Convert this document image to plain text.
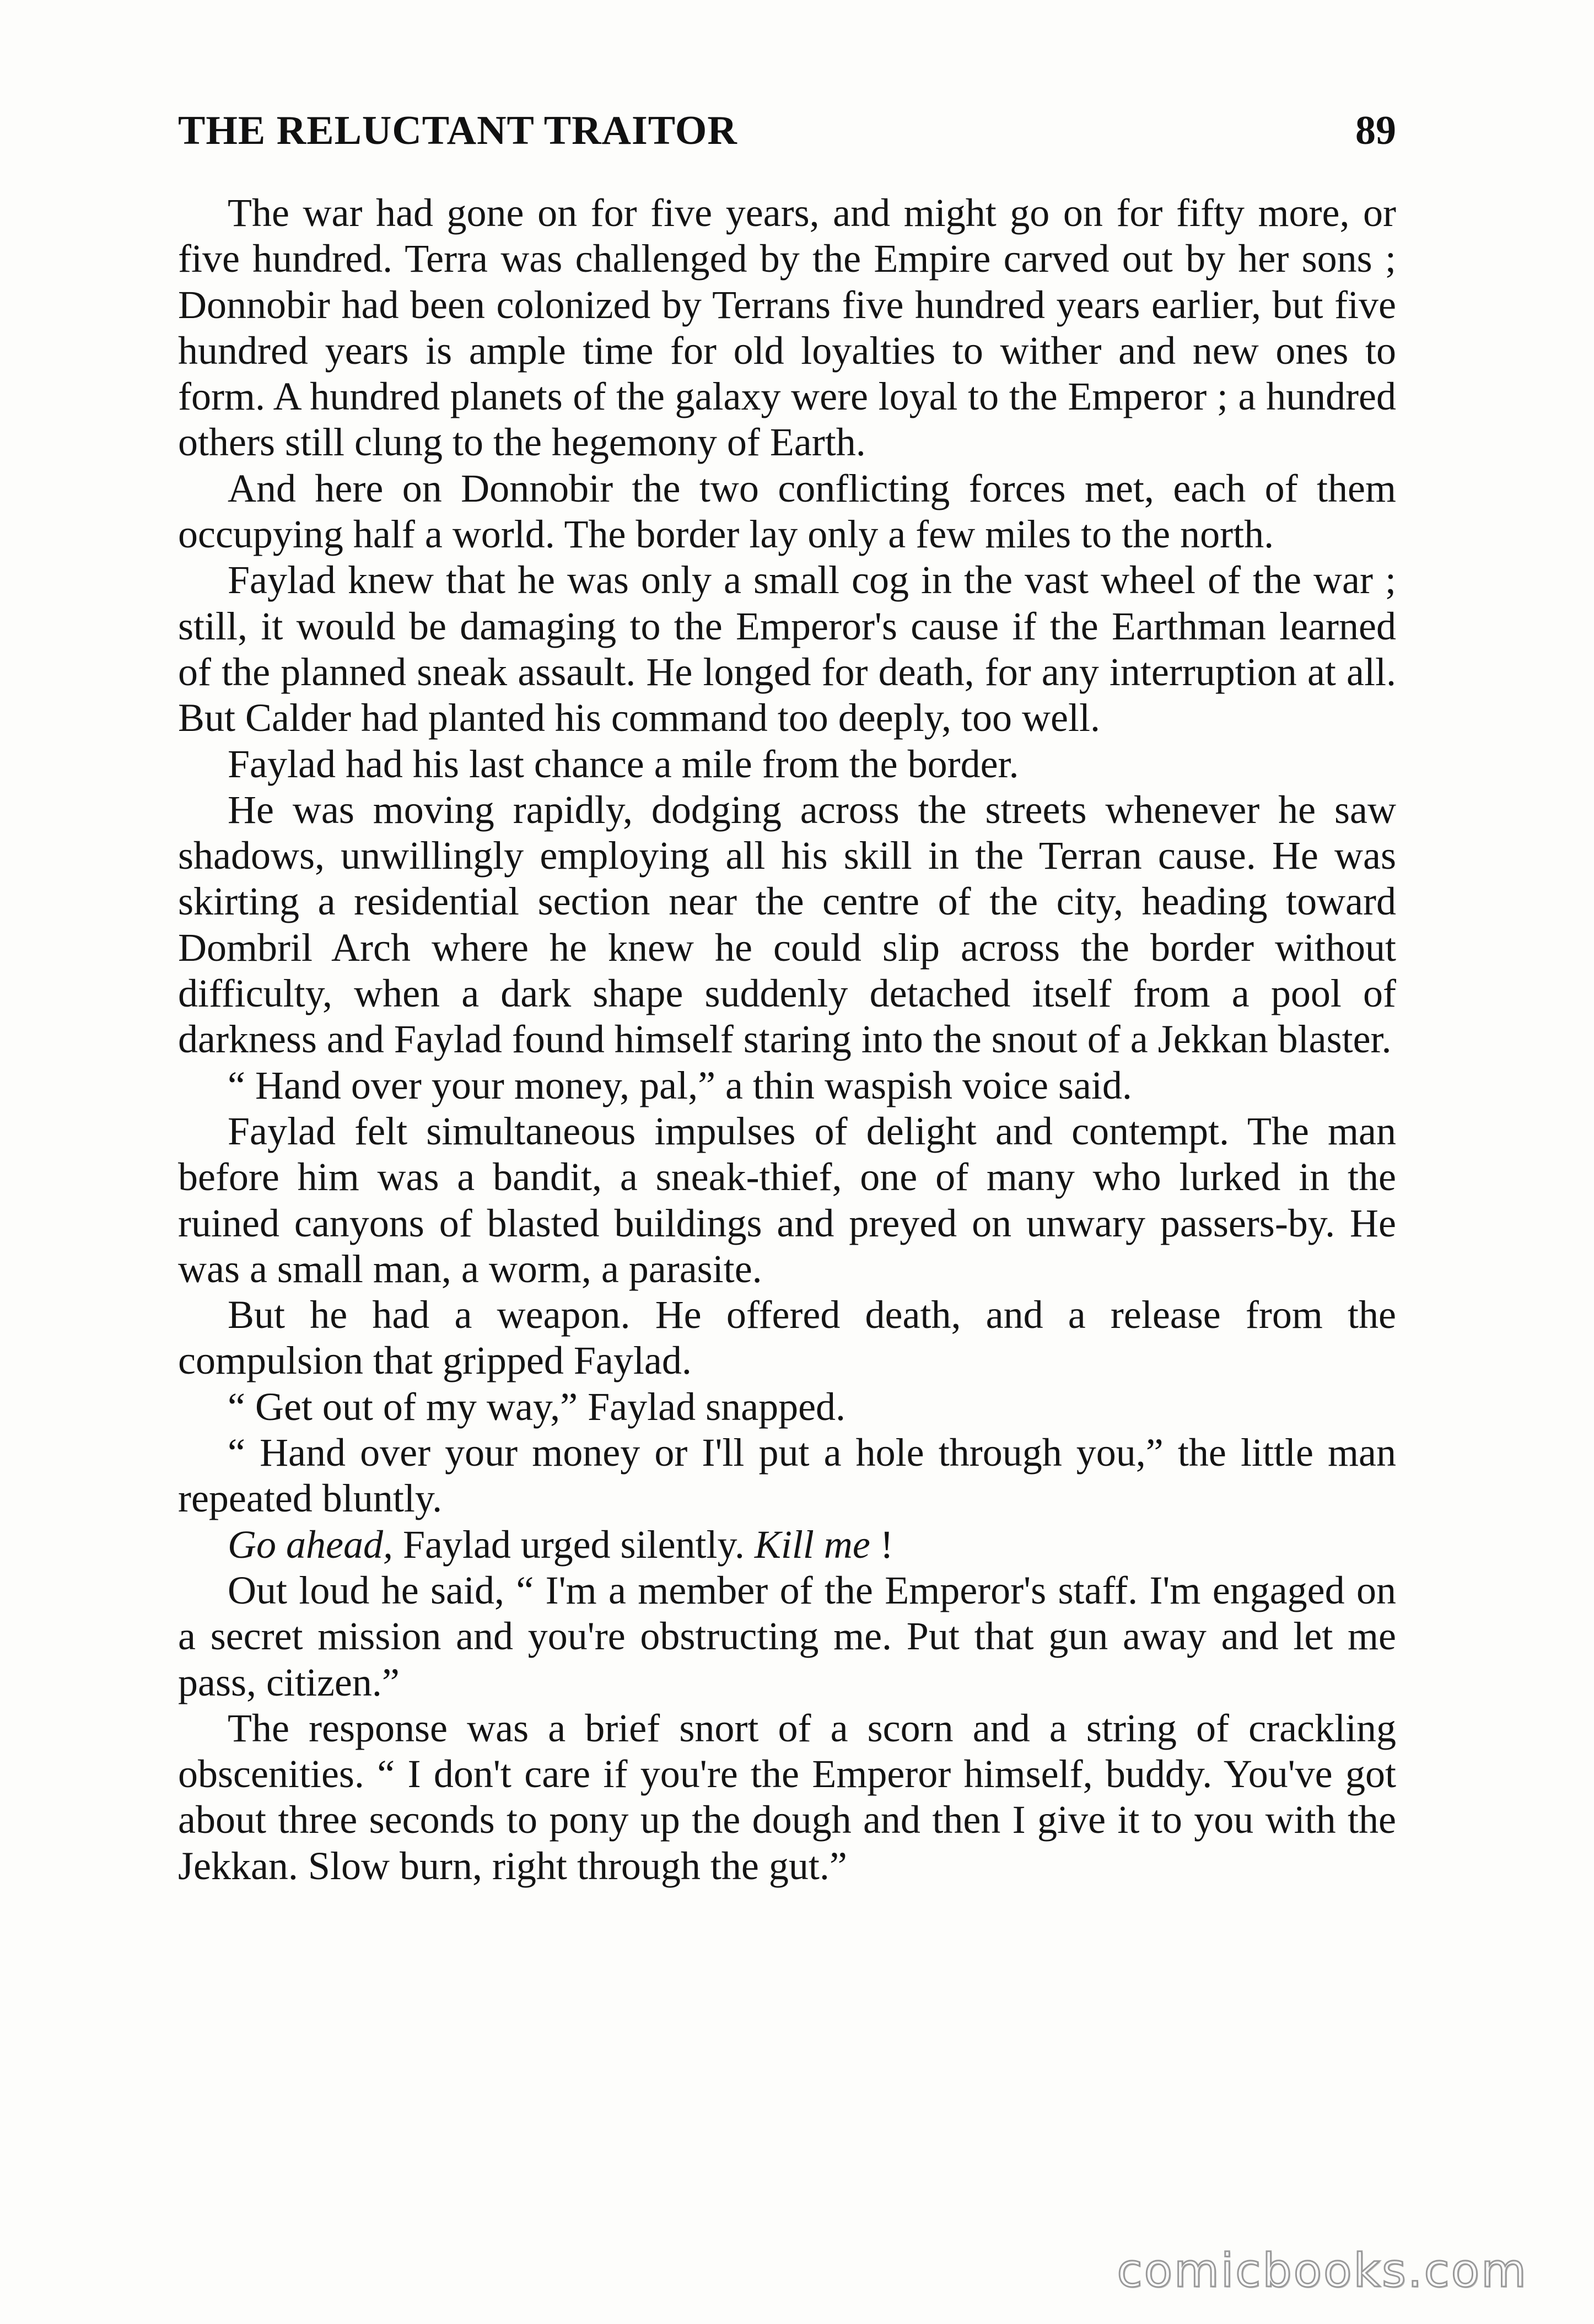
THE RELUCTANT TRAITOR	89

The war had gone on for five years, and might go on for fifty more, or five hundred. Terra was challenged by the Empire carved out by her sons ; Donnobir had been colonized by Terrans five hundred years earlier, but five hundred years is ample time for old loyalties to wither and new ones to form. A hundred planets of the galaxy were loyal to the Emperor ; a hundred others still clung to the hegemony of Earth.

And here on Donnobir the two conflicting forces met, each of them occupying half a world. The border lay only a few miles to the north.

Faylad knew that he was only a small cog in the vast wheel of the war ; still, it would be damaging to the Emperor's cause if the Earthman learned of the planned sneak assault. He longed for death, for any interruption at all. But Calder had planted his command too deeply, too well.

Faylad had his last chance a mile from the border.

He was moving rapidly, dodging across the streets whenever he saw shadows, unwillingly employing all his skill in the Terran cause. He was skirting a residential section near the centre of the city, heading toward Dombril Arch where he knew he could slip across the border without difficulty, when a dark shape suddenly detached itself from a pool of darkness and Faylad found himself staring into the snout of a Jekkan blaster.

“ Hand over your money, pal,” a thin waspish voice said.

Faylad felt simultaneous impulses of delight and contempt. The man before him was a bandit, a sneak-thief, one of many who lurked in the ruined canyons of blasted buildings and preyed on unwary passers-by. He was a small man, a worm, a parasite.

But he had a weapon. He offered death, and a release from the compulsion that gripped Faylad.

“ Get out of my way,” Faylad snapped.

“ Hand over your money or I'll put a hole through you,” the little man repeated bluntly.

Go ahead, Faylad urged silently. Kill me !

Out loud he said, “ I'm a member of the Emperor's staff. I'm engaged on a secret mission and you're obstructing me. Put that gun away and let me pass, citizen.”

The response was a brief snort of a scorn and a string of crackling obscenities. “ I don't care if you're the Emperor himself, buddy. You've got about three seconds to pony up the dough and then I give it to you with the Jekkan. Slow burn, right through the gut.”

comicbooks.com
